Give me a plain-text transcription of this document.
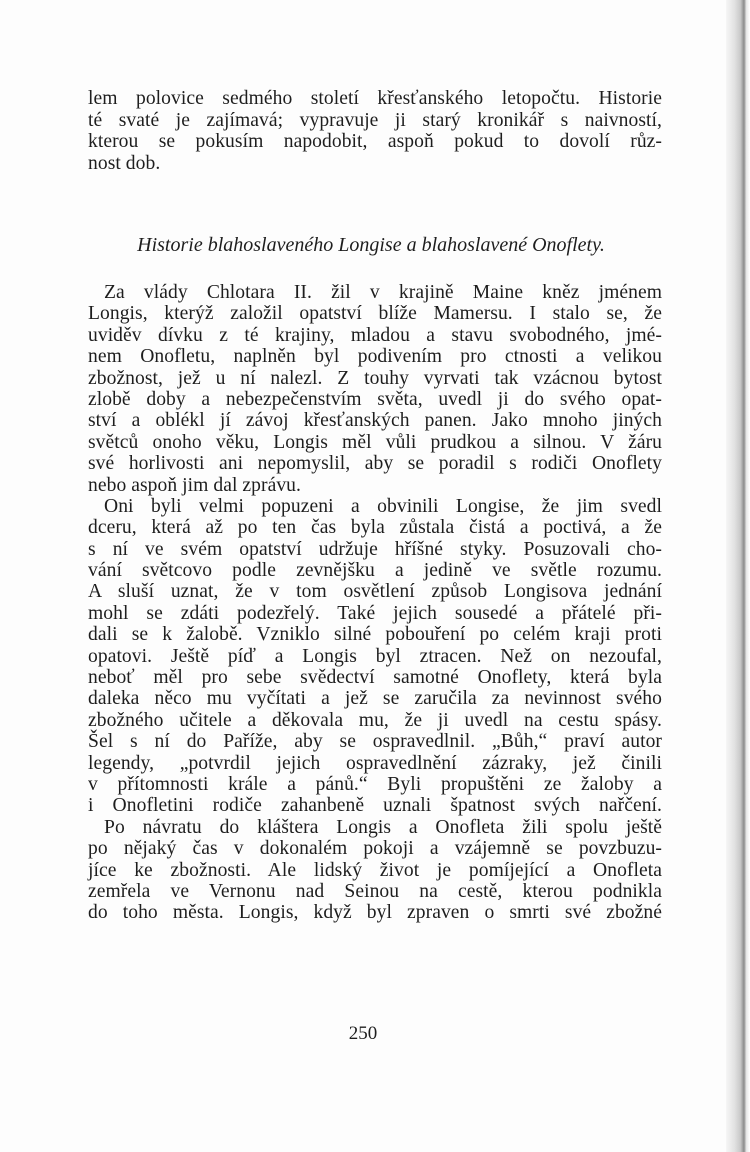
lem polovice sedmého století křesťanského letopočtu. Historie
té svaté je zajímavá; vypravuje ji starý kronikář s naivností,
kterou se pokusím napodobit, aspoň pokud to dovolí růz-
nost dob.
Historie blahoslaveného Longise a blahoslavené Onoflety.
Za vlády Chlotara II. žil v krajině Maine kněz jménem
Longis, kterýž založil opatství blíže Mamersu. I stalo se, že
uviděv dívku z té krajiny, mladou a stavu svobodného, jmé-
nem Onofletu, naplněn byl podivením pro ctnosti a velikou
zbožnost, jež u ní nalezl. Z touhy vyrvati tak vzácnou bytost
zlobě doby a nebezpečenstvím světa, uvedl ji do svého opat-
ství a oblékl jí závoj křesťanských panen. Jako mnoho jiných
světců onoho věku, Longis měl vůli prudkou a silnou. V žáru
své horlivosti ani nepomyslil, aby se poradil s rodiči Onoflety
nebo aspoň jim dal zprávu.
Oni byli velmi popuzeni a obvinili Longise, že jim svedl
dceru, která až po ten čas byla zůstala čistá a poctivá, a že
s ní ve svém opatství udržuje hříšné styky. Posuzovali cho-
vání světcovo podle zevnějšku a jedině ve světle rozumu.
A sluší uznat, že v tom osvětlení způsob Longisova jednání
mohl se zdáti podezřelý. Také jejich sousedé a přátelé při-
dali se k žalobě. Vzniklo silné pobouření po celém kraji proti
opatovi. Ještě píď a Longis byl ztracen. Než on nezoufal,
neboť měl pro sebe svědectví samotné Onoflety, která byla
daleka něco mu vyčítati a jež se zaručila za nevinnost svého
zbožného učitele a děkovala mu, že ji uvedl na cestu spásy.
Šel s ní do Paříže, aby se ospravedlnil. „Bůh,“ praví autor
legendy, „potvrdil jejich ospravedlnění zázraky, jež činili
v přítomnosti krále a pánů.“ Byli propuštěni ze žaloby a
i Onofletini rodiče zahanbeně uznali špatnost svých nařčení.
Po návratu do kláštera Longis a Onofleta žili spolu ještě
po nějaký čas v dokonalém pokoji a vzájemně se povzbuzu-
jíce ke zbožnosti. Ale lidský život je pomíjející a Onofleta
zemřela ve Vernonu nad Seinou na cestě, kterou podnikla
do toho města. Longis, když byl zpraven o smrti své zbožné
250
